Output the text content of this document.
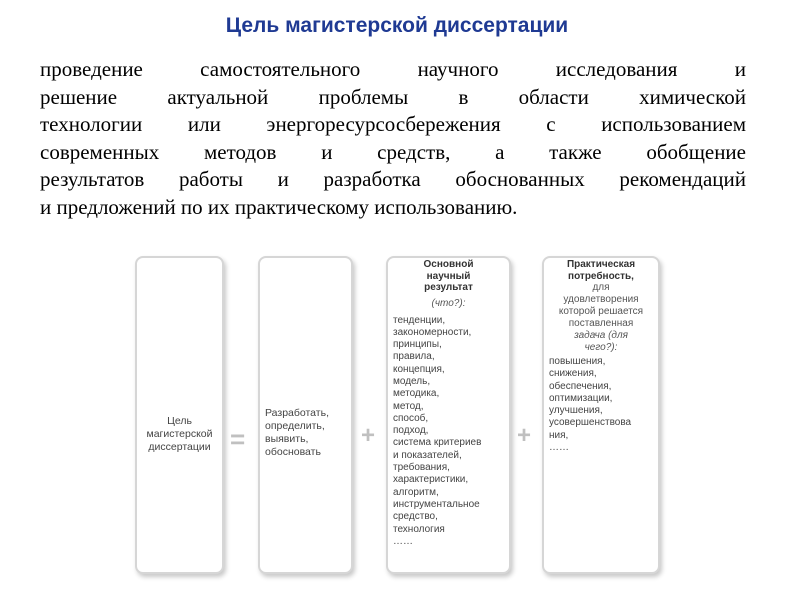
Цель магистерской диссертации
проведение самостоятельного научного исследования и
решение актуальной проблемы в области химической
технологии или энергоресурсосбережения с использованием
современных методов и средств, а также обобщение
результатов работы и разработка обоснованных рекомендаций
и предложений по их практическому использованию.
Цель
магистерской
диссертации =
Разработать,
определить,
выявить,
обосновать
+
Основной
научный
результат
(что?):
тенденции,
закономерности,
принципы,
правила,
концепция,
модель,
методика,
метод,
способ,
подход,
система критериев
и показателей,
требования,
характеристики,
алгоритм,
инструментальное
средство,
технология
……
+
Практическая
потребность,
для
удовлетворения
которой решается
поставленная
задача (для
чего?):
повышения,
снижения,
обеспечения,
оптимизации,
улучшения,
усовершенствова
ния,
……
